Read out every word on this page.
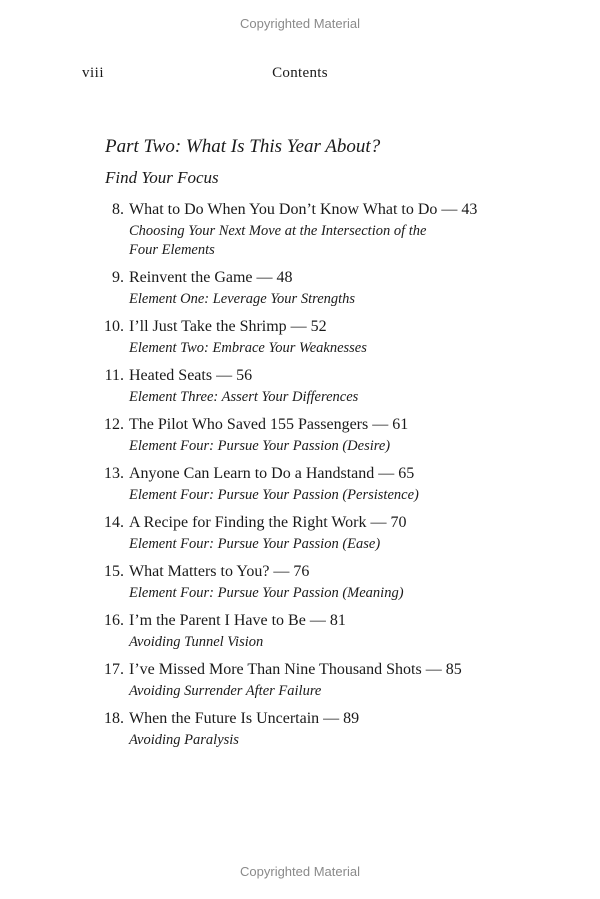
Copyrighted Material
viii	Contents
Part Two: What Is This Year About?
Find Your Focus
8. What to Do When You Don’t Know What to Do — 43
Choosing Your Next Move at the Intersection of the Four Elements
9. Reinvent the Game — 48
Element One: Leverage Your Strengths
10. I’ll Just Take the Shrimp — 52
Element Two: Embrace Your Weaknesses
11. Heated Seats — 56
Element Three: Assert Your Differences
12. The Pilot Who Saved 155 Passengers — 61
Element Four: Pursue Your Passion (Desire)
13. Anyone Can Learn to Do a Handstand — 65
Element Four: Pursue Your Passion (Persistence)
14. A Recipe for Finding the Right Work — 70
Element Four: Pursue Your Passion (Ease)
15. What Matters to You? — 76
Element Four: Pursue Your Passion (Meaning)
16. I’m the Parent I Have to Be — 81
Avoiding Tunnel Vision
17. I’ve Missed More Than Nine Thousand Shots — 85
Avoiding Surrender After Failure
18. When the Future Is Uncertain — 89
Avoiding Paralysis
Copyrighted Material
